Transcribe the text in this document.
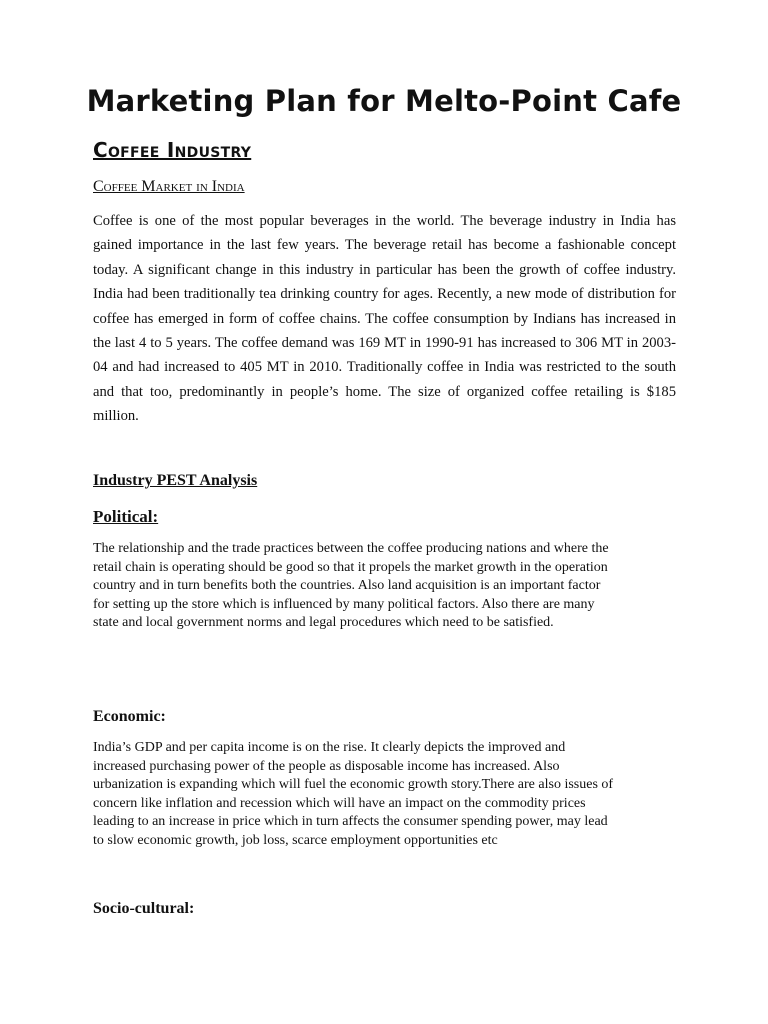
Marketing Plan for Melto-Point Cafe
Coffee Industry
Coffee Market in India

Coffee is one of the most popular beverages in the world. The beverage industry in India has gained importance in the last few years. The beverage retail has become a fashionable concept today. A significant change in this industry in particular has been the growth of coffee industry. India had been traditionally tea drinking country for ages. Recently, a new mode of distribution for coffee has emerged in form of coffee chains. The coffee consumption by Indians has increased in the last 4 to 5 years. The coffee demand was 169 MT in 1990-91 has increased to 306 MT in 2003-04 and had increased to 405 MT in 2010. Traditionally coffee in India was restricted to the south and that too, predominantly in people’s home. The size of organized coffee retailing is $185 million.

Industry PEST Analysis
Political:

The relationship and the trade practices between the coffee producing nations and where the
retail chain is operating should be good so that it propels the market growth in the operation
country and in turn benefits both the countries. Also land acquisition is an important factor
for setting up the store which is influenced by many political factors. Also there are many
state and local government norms and legal procedures which need to be satisfied.

Economic:

India’s GDP and per capita income is on the rise. It clearly depicts the improved and
increased purchasing power of the people as disposable income has increased. Also
urbanization is expanding which will fuel the economic growth story.There are also issues of
concern like inflation and recession which will have an impact on the commodity prices
leading to an increase in price which in turn affects the consumer spending power, may lead
to slow economic growth, job loss, scarce employment opportunities etc

Socio-cultural:
